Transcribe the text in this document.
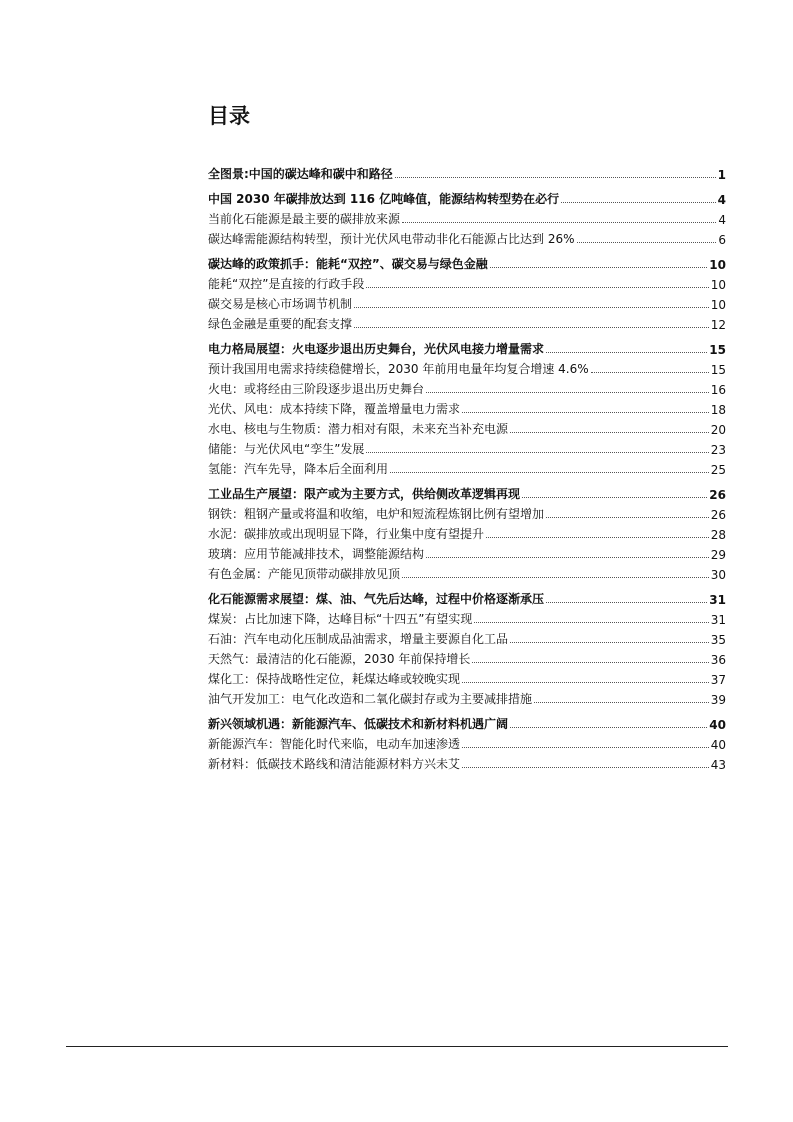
目录
全图景:中国的碳达峰和碳中和路径	1
中国 2030 年碳排放达到 116 亿吨峰值，能源结构转型势在必行	4
当前化石能源是最主要的碳排放来源	4
碳达峰需能源结构转型，预计光伏风电带动非化石能源占比达到 26%	6
碳达峰的政策抓手：能耗“双控”、碳交易与绿色金融	10
能耗“双控”是直接的行政手段	10
碳交易是核心市场调节机制	10
绿色金融是重要的配套支撑	12
电力格局展望：火电逐步退出历史舞台，光伏风电接力增量需求	15
预计我国用电需求持续稳健增长，2030 年前用电量年均复合增速 4.6%	15
火电：或将经由三阶段逐步退出历史舞台	16
光伏、风电：成本持续下降，覆盖增量电力需求	18
水电、核电与生物质：潜力相对有限，未来充当补充电源	20
储能：与光伏风电“孪生”发展	23
氢能：汽车先导，降本后全面利用	25
工业品生产展望：限产或为主要方式，供给侧改革逻辑再现	26
钢铁：粗钢产量或将温和收缩，电炉和短流程炼钢比例有望增加	26
水泥：碳排放或出现明显下降，行业集中度有望提升	28
玻璃：应用节能减排技术，调整能源结构	29
有色金属：产能见顶带动碳排放见顶	30
化石能源需求展望：煤、油、气先后达峰，过程中价格逐渐承压	31
煤炭：占比加速下降，达峰目标“十四五”有望实现	31
石油：汽车电动化压制成品油需求，增量主要源自化工品	35
天然气：最清洁的化石能源，2030 年前保持增长	36
煤化工：保持战略性定位，耗煤达峰或较晚实现	37
油气开发加工：电气化改造和二氧化碳封存或为主要减排措施	39
新兴领域机遇：新能源汽车、低碳技术和新材料机遇广阔	40
新能源汽车：智能化时代来临，电动车加速渗透	40
新材料：低碳技术路线和清洁能源材料方兴未艾	43
